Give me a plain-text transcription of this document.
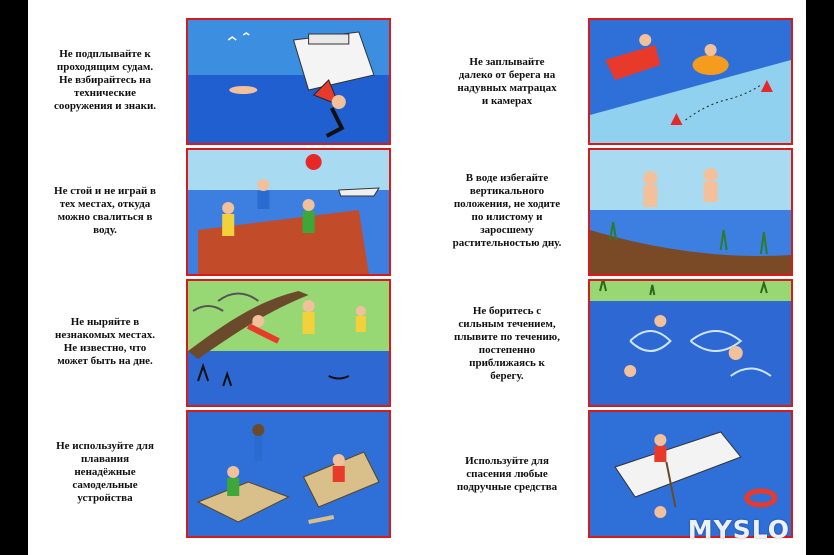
Не подплывайте к
проходящим судам.
Не взбирайтесь на
технические
сооружения и знаки.
Не стой и не играй в
тех местах, откуда
можно свалиться в
воду.
Не ныряйте в
незнакомых местах.
Не известно, что
может быть на дне.
Не используйте для
плавания
ненадёжные
самодельные
устройства
Не заплывайте
далеко от берега на
надувных матрацах
и камерах
В воде избегайте
вертикального
положения, не ходите
по илистому и
заросшему
растительностью дну.
Не боритесь с
сильным течением,
плывите по течению,
постепенно
приближаясь к
берегу.
Используйте для
спасения любые
подручные средства
MYSLO
